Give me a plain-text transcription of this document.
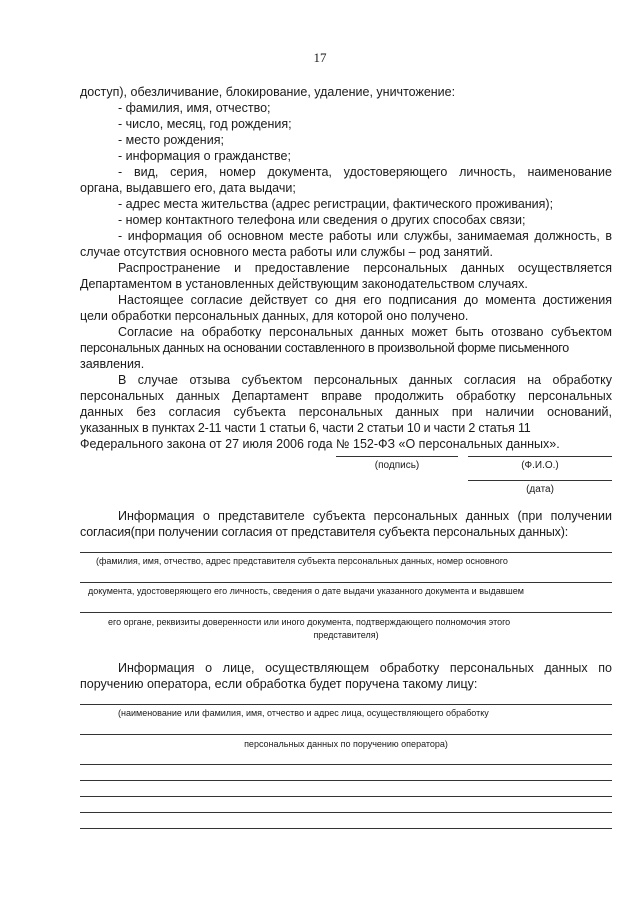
17
доступ), обезличивание, блокирование, удаление, уничтожение:
- фамилия, имя, отчество;
- число, месяц, год рождения;
- место рождения;
- информация о гражданстве;
- вид, серия, номер документа, удостоверяющего личность, наименование
органа, выдавшего его, дата выдачи;
- адрес места жительства (адрес регистрации, фактического проживания);
- номер контактного телефона или сведения о других способах связи;
- информация об основном месте работы или службы, занимаемая должность, в
случае отсутствия основного места работы или службы – род занятий.
Распространение и предоставление персональных данных осуществляется
Департаментом в установленных действующим законодательством случаях.
Настоящее согласие действует со дня его подписания до момента достижения
цели обработки персональных данных, для которой оно получено.
Согласие на обработку персональных данных может быть отозвано субъектом
персональных данных на основании составленного в произвольной форме письменного
заявления.
В случае отзыва субъектом персональных данных согласия на обработку
персональных данных Департамент вправе продолжить обработку персональных
данных без согласия субъекта персональных данных при наличии оснований,
указанных в пунктах 2-11 части 1 статьи 6, части 2 статьи 10 и части 2 статья 11
Федерального закона от 27 июля 2006 года № 152-ФЗ «О персональных данных».
(подпись)	(Ф.И.О.)
(дата)
Информация о представителе субъекта персональных данных (при получении
согласия(при получении согласия от представителя субъекта персональных данных):
(фамилия, имя, отчество, адрес представителя субъекта персональных данных, номер основного
документа, удостоверяющего его личность, сведения о дате выдачи указанного документа и выдавшем
его органе, реквизиты доверенности или иного документа, подтверждающего полномочия этого
представителя)
Информация о лице, осуществляющем обработку персональных данных по
поручению оператора, если обработка будет поручена такому лицу:
(наименование или фамилия, имя, отчество и адрес лица, осуществляющего обработку
персональных данных по поручению оператора)
